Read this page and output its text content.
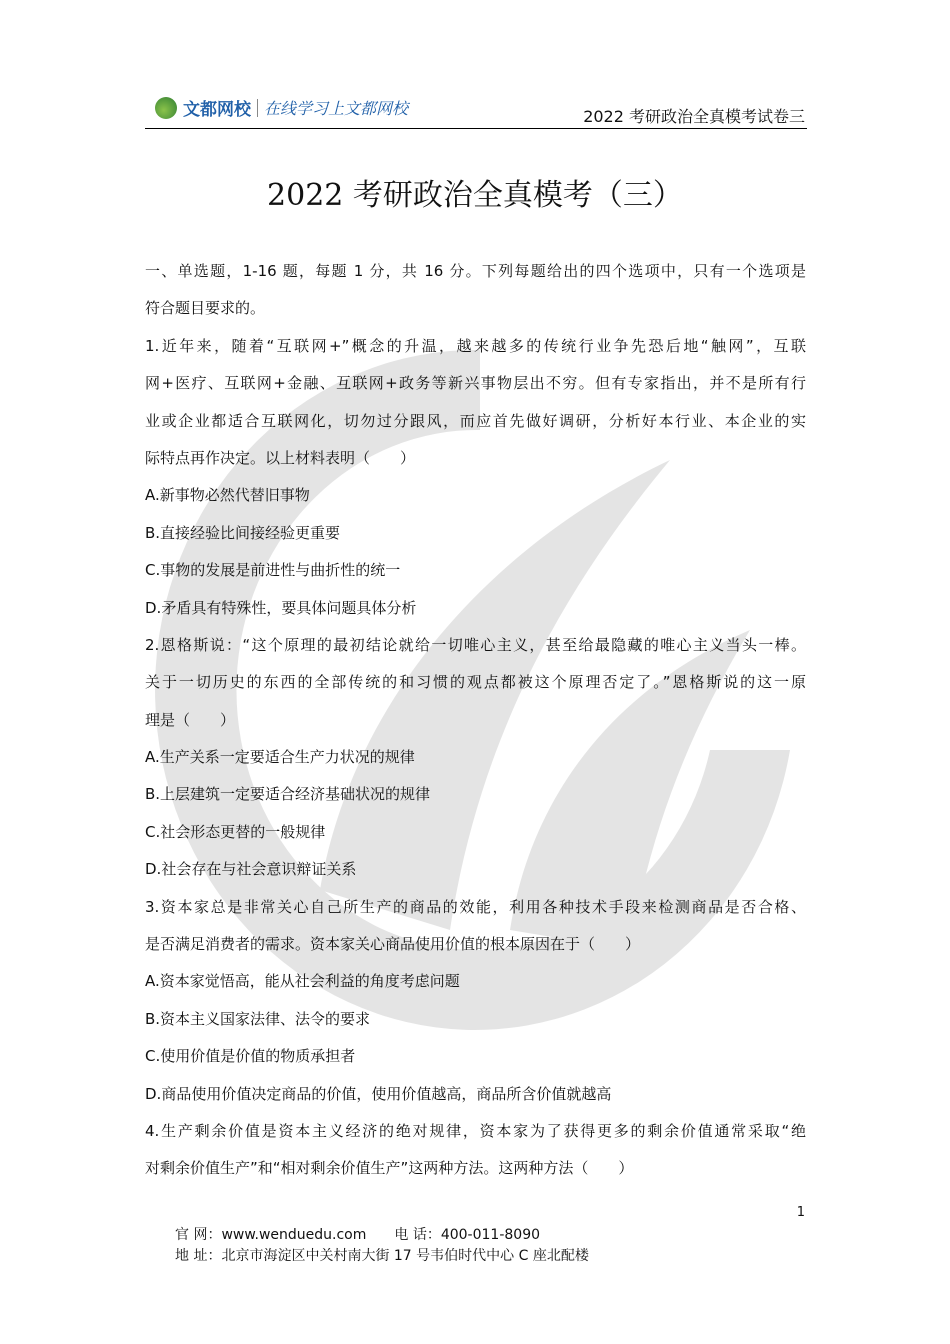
文都网校 在线学习上文都网校	2022 考研政治全真模考试卷三
2022 考研政治全真模考（三）
一、单选题，1-16 题，每题 1 分，共 16 分。下列每题给出的四个选项中，只有一个选项是
符合题目要求的。
1.近年来，随着“互联网+”概念的升温，越来越多的传统行业争先恐后地“触网”，互联
网+医疗、互联网+金融、互联网+政务等新兴事物层出不穷。但有专家指出，并不是所有行
业或企业都适合互联网化，切勿过分跟风，而应首先做好调研，分析好本行业、本企业的实
际特点再作决定。以上材料表明（　　）
A.新事物必然代替旧事物
B.直接经验比间接经验更重要
C.事物的发展是前进性与曲折性的统一
D.矛盾具有特殊性，要具体问题具体分析
2.恩格斯说：“这个原理的最初结论就给一切唯心主义，甚至给最隐藏的唯心主义当头一棒。
关于一切历史的东西的全部传统的和习惯的观点都被这个原理否定了。”恩格斯说的这一原
理是（　　）
A.生产关系一定要适合生产力状况的规律
B.上层建筑一定要适合经济基础状况的规律
C.社会形态更替的一般规律
D.社会存在与社会意识辩证关系
3.资本家总是非常关心自己所生产的商品的效能，利用各种技术手段来检测商品是否合格、
是否满足消费者的需求。资本家关心商品使用价值的根本原因在于（　　）
A.资本家觉悟高，能从社会利益的角度考虑问题
B.资本主义国家法律、法令的要求
C.使用价值是价值的物质承担者
D.商品使用价值决定商品的价值，使用价值越高，商品所含价值就越高
4.生产剩余价值是资本主义经济的绝对规律，资本家为了获得更多的剩余价值通常采取“绝
对剩余价值生产”和“相对剩余价值生产”这两种方法。这两种方法（　　）
1
官 网：www.wenduedu.com 电 话：400-011-8090
地 址：北京市海淀区中关村南大街 17 号韦伯时代中心 C 座北配楼
